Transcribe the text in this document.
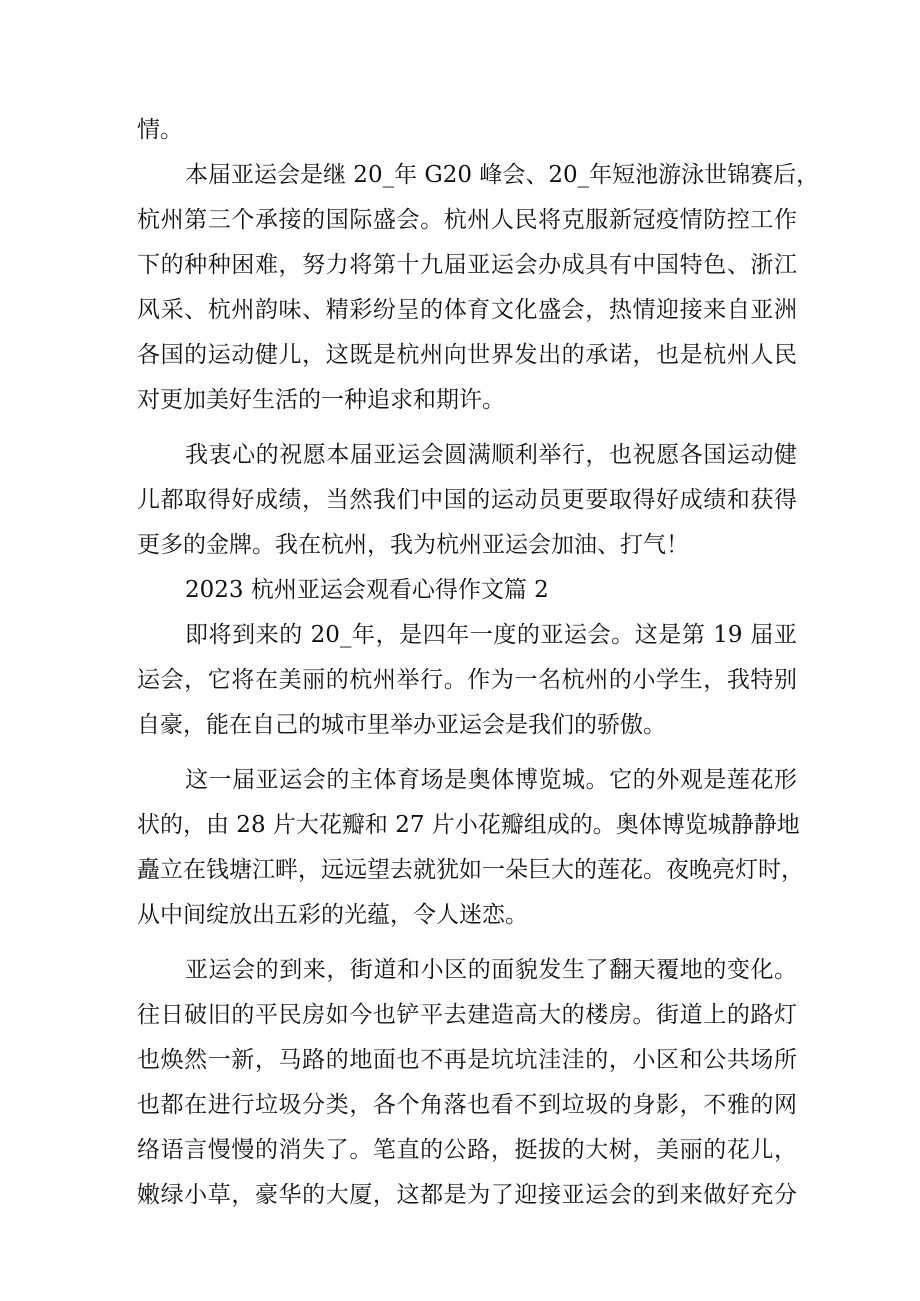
情。
本届亚运会是继 20_年 G20 峰会、20_年短池游泳世锦赛后，
杭州第三个承接的国际盛会。杭州人民将克服新冠疫情防控工作
下的种种困难，努力将第十九届亚运会办成具有中国特色、浙江
风采、杭州韵味、精彩纷呈的体育文化盛会，热情迎接来自亚洲
各国的运动健儿，这既是杭州向世界发出的承诺，也是杭州人民
对更加美好生活的一种追求和期许。
我衷心的祝愿本届亚运会圆满顺利举行，也祝愿各国运动健
儿都取得好成绩，当然我们中国的运动员更要取得好成绩和获得
更多的金牌。我在杭州，我为杭州亚运会加油、打气！
2023 杭州亚运会观看心得作文篇 2
即将到来的 20_年，是四年一度的亚运会。这是第 19 届亚
运会，它将在美丽的杭州举行。作为一名杭州的小学生，我特别
自豪，能在自己的城市里举办亚运会是我们的骄傲。
这一届亚运会的主体育场是奥体博览城。它的外观是莲花形
状的，由 28 片大花瓣和 27 片小花瓣组成的。奥体博览城静静地
矗立在钱塘江畔，远远望去就犹如一朵巨大的莲花。夜晚亮灯时，
从中间绽放出五彩的光蕴，令人迷恋。
亚运会的到来，街道和小区的面貌发生了翻天覆地的变化。
往日破旧的平民房如今也铲平去建造高大的楼房。街道上的路灯
也焕然一新，马路的地面也不再是坑坑洼洼的，小区和公共场所
也都在进行垃圾分类，各个角落也看不到垃圾的身影，不雅的网
络语言慢慢的消失了。笔直的公路，挺拔的大树，美丽的花儿，
嫩绿小草，豪华的大厦，这都是为了迎接亚运会的到来做好充分
